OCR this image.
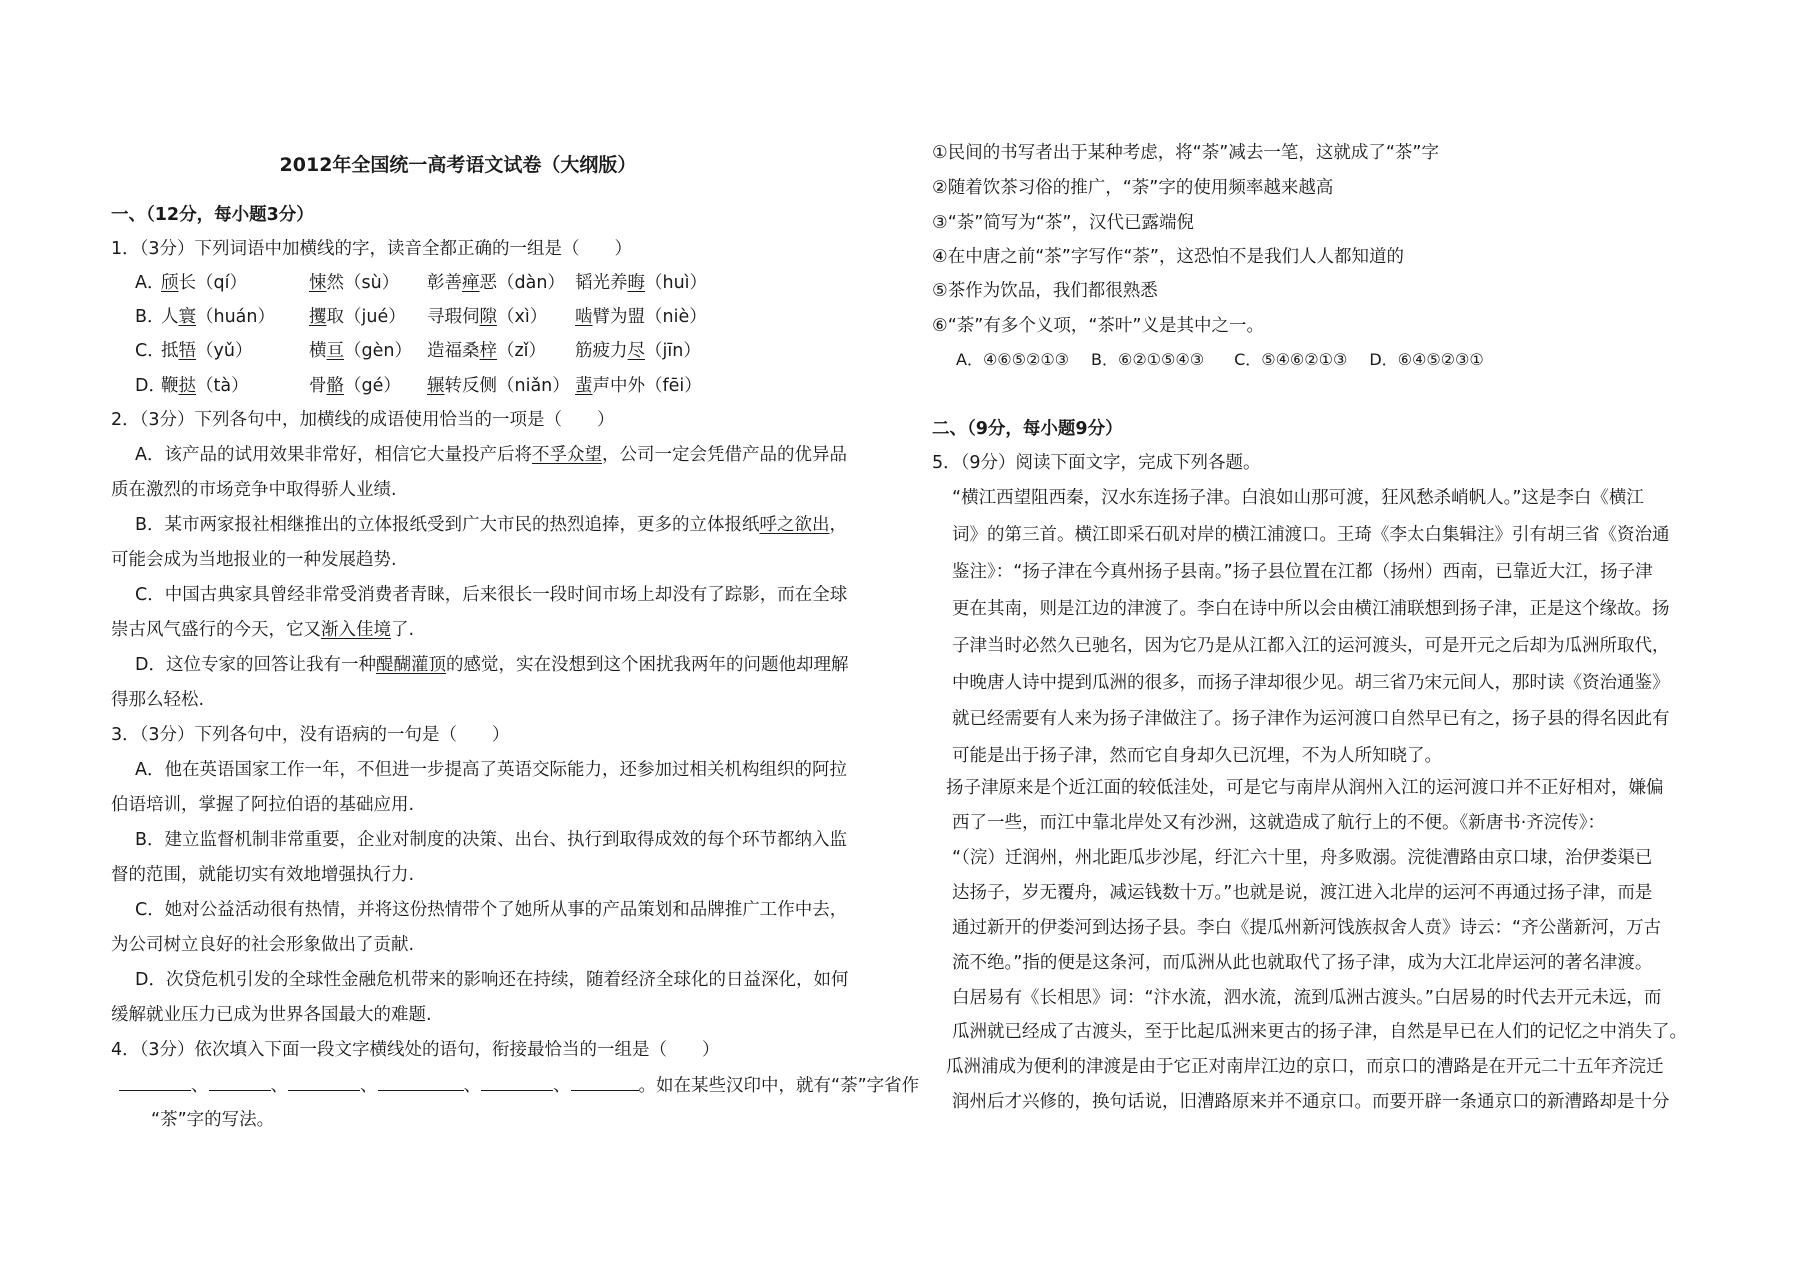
2012年全国统一高考语文试卷（大纲版）
一、（12分，每小题3分）
1．（3分）下列词语中加横线的字，读音全都正确的一组是（　　）
A．颀长（qí）	悚然（sù） 彰善瘅恶（dàn） 韬光养晦（huì）
B．人寰（huán） 攫取（jué） 寻瑕伺隙（xì） 啮臂为盟（niè）
C．抵牾（yǔ）	横亘（gèn） 造福桑梓（zǐ） 筋疲力尽（jīn）
D．鞭挞（tà）	骨骼（gé） 辗转反侧（niǎn） 蜚声中外（fēi）
2．（3分）下列各句中，加横线的成语使用恰当的一项是（　　）
A．该产品的试用效果非常好，相信它大量投产后将不孚众望，公司一定会凭借产品的优异品
质在激烈的市场竞争中取得骄人业绩.
B．某市两家报社相继推出的立体报纸受到广大市民的热烈追捧，更多的立体报纸呼之欲出，
可能会成为当地报业的一种发展趋势.
C．中国古典家具曾经非常受消费者青睐，后来很长一段时间市场上却没有了踪影，而在全球
崇古风气盛行的今天，它又渐入佳境了.
D．这位专家的回答让我有一种醍醐灌顶的感觉，实在没想到这个困扰我两年的问题他却理解
得那么轻松.
3．（3分）下列各句中，没有语病的一句是（　　）
A．他在英语国家工作一年，不但进一步提高了英语交际能力，还参加过相关机构组织的阿拉
伯语培训，掌握了阿拉伯语的基础应用.
B．建立监督机制非常重要，企业对制度的决策、出台、执行到取得成效的每个环节都纳入监
督的范围，就能切实有效地增强执行力.
C．她对公益活动很有热情，并将这份热情带个了她所从事的产品策划和品牌推广工作中去，
为公司树立良好的社会形象做出了贡献.
D．次贷危机引发的全球性金融危机带来的影响还在持续，随着经济全球化的日益深化，如何
缓解就业压力已成为世界各国最大的难题.
4．（3分）依次填入下面一段文字横线处的语句，衔接最恰当的一组是（　　）
、	、	、	、	、	。如在某些汉印中，就有“荼”字省作
“茶”字的写法。
①民间的书写者出于某种考虑，将“荼”减去一笔，这就成了“茶”字
②随着饮茶习俗的推广，“荼”字的使用频率越来越高
③“荼”简写为“茶”，汉代已露端倪
④在中唐之前“茶”字写作“荼”，这恐怕不是我们人人都知道的
⑤茶作为饮品，我们都很熟悉
⑥“荼”有多个义项，“茶叶”义是其中之一。
A．④⑥⑤②①③ B．⑥②①⑤④③ C．⑤④⑥②①③ D．⑥④⑤②③①
二、（9分，每小题9分）
5．（9分）阅读下面文字，完成下列各题。
“横江西望阻西秦，汉水东连扬子津。白浪如山那可渡，狂风愁杀峭帆人。”这是李白《横江
词》的第三首。横江即采石矶对岸的横江浦渡口。王琦《李太白集辑注》引有胡三省《资治通
鉴注》：“扬子津在今真州扬子县南。”扬子县位置在江都（扬州）西南，已靠近大江，扬子津
更在其南，则是江边的津渡了。李白在诗中所以会由横江浦联想到扬子津，正是这个缘故。扬
子津当时必然久已驰名，因为它乃是从江都入江的运河渡头，可是开元之后却为瓜洲所取代，
中晚唐人诗中提到瓜洲的很多，而扬子津却很少见。胡三省乃宋元间人，那时读《资治通鉴》
就已经需要有人来为扬子津做注了。扬子津作为运河渡口自然早已有之，扬子县的得名因此有
可能是出于扬子津，然而它自身却久已沉埋，不为人所知晓了。
扬子津原来是个近江面的较低洼处，可是它与南岸从润州入江的运河渡口并不正好相对，嫌偏
西了一些，而江中靠北岸处又有沙洲，这就造成了航行上的不便。《新唐书·齐浣传》：
“（浣）迁润州，州北距瓜步沙尾，纡汇六十里，舟多败溺。浣徙漕路由京口埭，治伊娄渠已
达扬子，岁无覆舟，减运钱数十万。”也就是说，渡江进入北岸的运河不再通过扬子津，而是
通过新开的伊娄河到达扬子县。李白《提瓜州新河饯族叔舍人贲》诗云：“齐公凿新河，万古
流不绝。”指的便是这条河，而瓜洲从此也就取代了扬子津，成为大江北岸运河的著名津渡。
白居易有《长相思》词：“汴水流，泗水流，流到瓜洲古渡头。”白居易的时代去开元未远，而
瓜洲就已经成了古渡头，至于比起瓜洲来更古的扬子津，自然是早已在人们的记忆之中消失了。
瓜洲浦成为便利的津渡是由于它正对南岸江边的京口，而京口的漕路是在开元二十五年齐浣迁
润州后才兴修的，换句话说，旧漕路原来并不通京口。而要开辟一条通京口的新漕路却是十分
